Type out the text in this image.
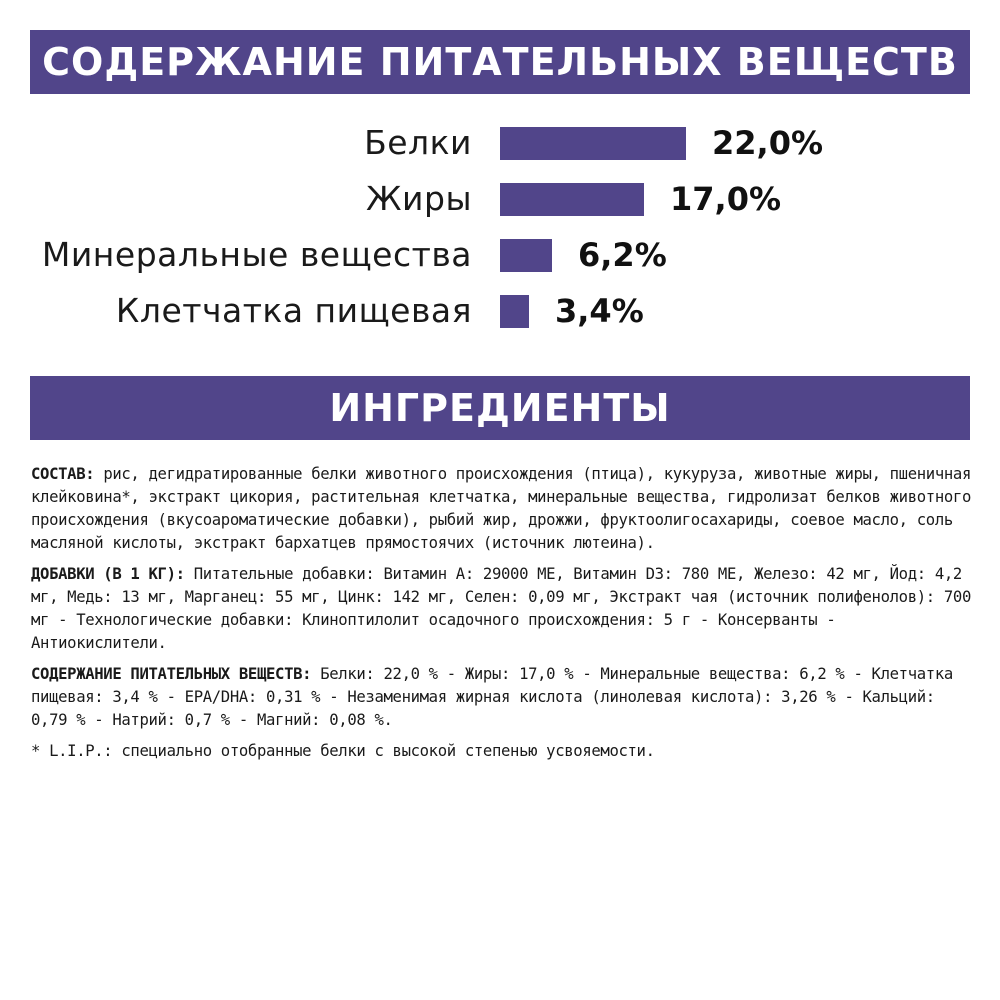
СОДЕРЖАНИЕ ПИТАТЕЛЬНЫХ ВЕЩЕСТВ
Белки	22,0%
Жиры	17,0%
Минеральные вещества	6,2%
Клетчатка пищевая	3,4%
ИНГРЕДИЕНТЫ

СОСТАВ: рис, дегидратированные белки животного происхождения (птица), кукуруза, животные жиры, пшеничная клейковина*, экстракт цикория, растительная клетчатка, минеральные вещества, гидролизат белков животного происхождения (вкусоароматические добавки), рыбий жир, дрожжи, фруктоолигосахариды, соевое масло, соль масляной кислоты, экстракт бархатцев прямостоячих (источник лютеина).

ДОБАВКИ (В 1 КГ): Питательные добавки: Витамин A: 29000 МЕ, Витамин D3: 780 МЕ, Железо: 42 мг, Йод: 4,2 мг, Медь: 13 мг, Марганец: 55 мг, Цинк: 142 мг, Селен: 0,09 мг, Экстракт чая (источник полифенолов): 700 мг - Технологические добавки: Клиноптилолит осадочного происхождения: 5 г - Консерванты - Антиокислители.

СОДЕРЖАНИЕ ПИТАТЕЛЬНЫХ ВЕЩЕСТВ: Белки: 22,0 % - Жиры: 17,0 % - Минеральные вещества: 6,2 % - Клетчатка пищевая: 3,4 % - EPA/DHA: 0,31 % - Незаменимая жирная кислота (линолевая кислота): 3,26 % - Кальций: 0,79 % - Натрий: 0,7 % - Магний: 0,08 %.

* L.I.P.: специально отобранные белки с высокой степенью усвояемости.
